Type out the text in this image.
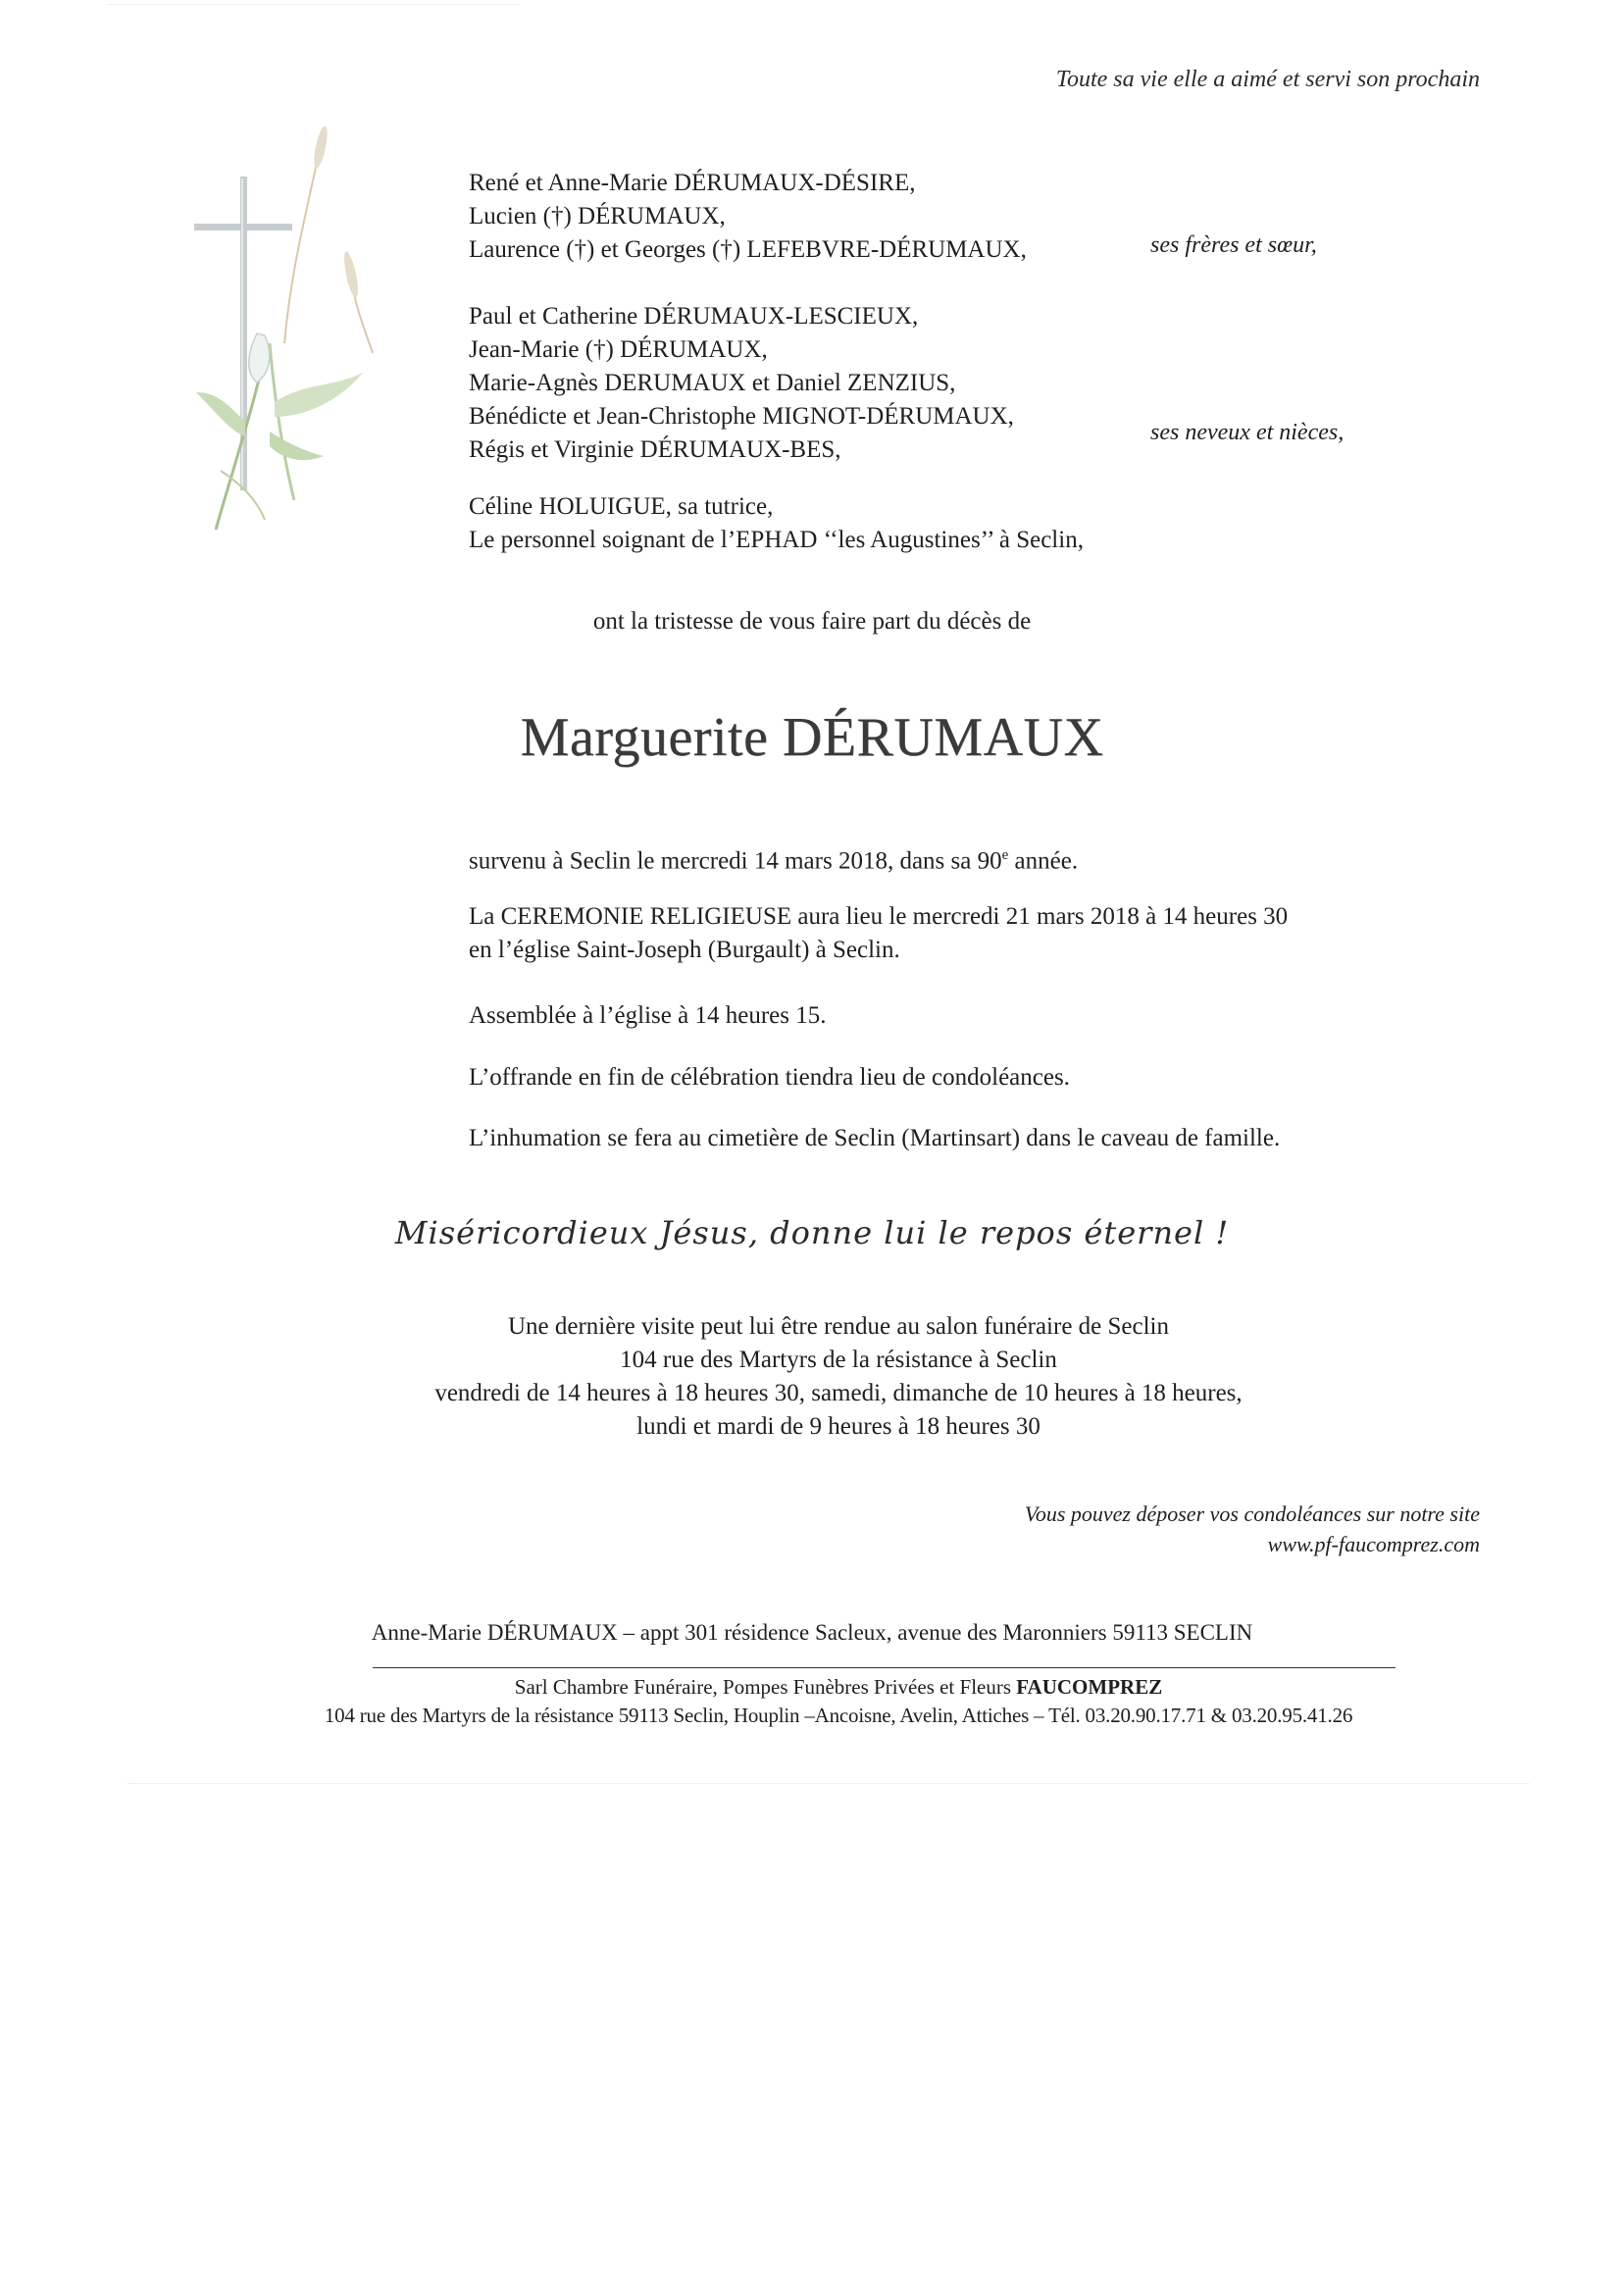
Toute sa vie elle a aimé et servi son prochain
René et Anne-Marie DÉRUMAUX-DÉSIRE,
Lucien (†) DÉRUMAUX,
Laurence (†) et Georges (†) LEFEBVRE-DÉRUMAUX,	ses frères et sœur,
Paul et Catherine DÉRUMAUX-LESCIEUX,
Jean-Marie (†) DÉRUMAUX,
Marie-Agnès DERUMAUX et Daniel ZENZIUS,
Bénédicte et Jean-Christophe MIGNOT-DÉRUMAUX,
Régis et Virginie DÉRUMAUX-BES,
ses neveux et nièces,
Céline HOLUIGUE, sa tutrice,
Le personnel soignant de l’EPHAD ‘‘les Augustines’’ à Seclin,
ont la tristesse de vous faire part du décès de
Marguerite DÉRUMAUX
survenu à Seclin le mercredi 14 mars 2018, dans sa 90e année.
La CEREMONIE RELIGIEUSE aura lieu le mercredi 21 mars 2018 à 14 heures 30
en l’église Saint-Joseph (Burgault) à Seclin.
Assemblée à l’église à 14 heures 15.
L’offrande en fin de célébration tiendra lieu de condoléances.
L’inhumation se fera au cimetière de Seclin (Martinsart) dans le caveau de famille.
Miséricordieux Jésus, donne lui le repos éternel !
Une dernière visite peut lui être rendue au salon funéraire de Seclin
104 rue des Martyrs de la résistance à Seclin
vendredi de 14 heures à 18 heures 30, samedi, dimanche de 10 heures à 18 heures,
lundi et mardi de 9 heures à 18 heures 30
Vous pouvez déposer vos condoléances sur notre site
www.pf-faucomprez.com
Anne-Marie DÉRUMAUX – appt 301 résidence Sacleux, avenue des Maronniers 59113 SECLIN
Sarl Chambre Funéraire, Pompes Funèbres Privées et Fleurs FAUCOMPREZ
104 rue des Martyrs de la résistance 59113 Seclin, Houplin –Ancoisne, Avelin, Attiches – Tél. 03.20.90.17.71 & 03.20.95.41.26
